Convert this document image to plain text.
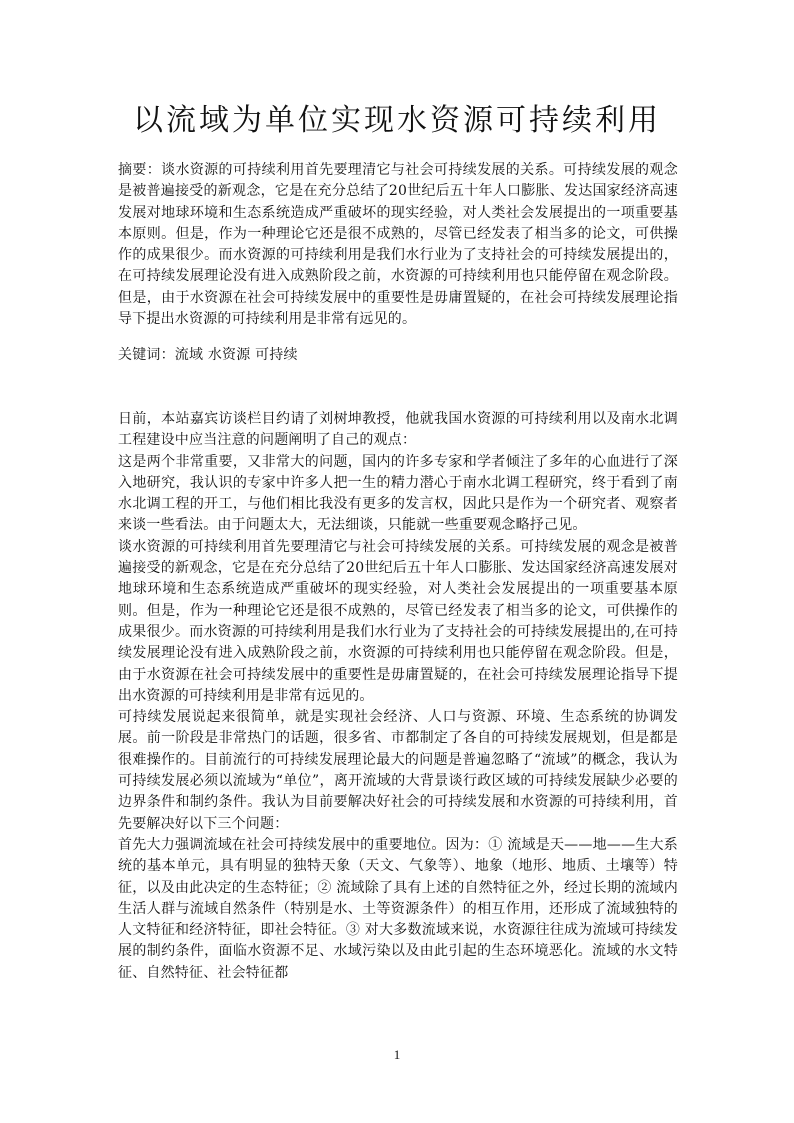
以流域为单位实现水资源可持续利用
摘要：谈水资源的可持续利用首先要理清它与社会可持续发展的关系。可持续发展的观念是被普遍接受的新观念，它是在充分总结了20世纪后五十年人口膨胀、发达国家经济高速发展对地球环境和生态系统造成严重破坏的现实经验，对人类社会发展提出的一项重要基本原则。但是，作为一种理论它还是很不成熟的，尽管已经发表了相当多的论文，可供操作的成果很少。而水资源的可持续利用是我们水行业为了支持社会的可持续发展提出的，在可持续发展理论没有进入成熟阶段之前，水资源的可持续利用也只能停留在观念阶段。但是，由于水资源在社会可持续发展中的重要性是毋庸置疑的，在社会可持续发展理论指导下提出水资源的可持续利用是非常有远见的。
关键词：流域 水资源 可持续

日前，本站嘉宾访谈栏目约请了刘树坤教授，他就我国水资源的可持续利用以及南水北调工程建设中应当注意的问题阐明了自己的观点：

这是两个非常重要，又非常大的问题，国内的许多专家和学者倾注了多年的心血进行了深入地研究，我认识的专家中许多人把一生的精力潜心于南水北调工程研究，终于看到了南水北调工程的开工，与他们相比我没有更多的发言权，因此只是作为一个研究者、观察者来谈一些看法。由于问题太大，无法细谈，只能就一些重要观念略抒己见。

谈水资源的可持续利用首先要理清它与社会可持续发展的关系。可持续发展的观念是被普遍接受的新观念，它是在充分总结了20世纪后五十年人口膨胀、发达国家经济高速发展对地球环境和生态系统造成严重破坏的现实经验，对人类社会发展提出的一项重要基本原则。但是，作为一种理论它还是很不成熟的，尽管已经发表了相当多的论文，可供操作的成果很少。而水资源的可持续利用是我们水行业为了支持社会的可持续发展提出的,在可持续发展理论没有进入成熟阶段之前，水资源的可持续利用也只能停留在观念阶段。但是，由于水资源在社会可持续发展中的重要性是毋庸置疑的，在社会可持续发展理论指导下提出水资源的可持续利用是非常有远见的。

可持续发展说起来很简单，就是实现社会经济、人口与资源、环境、生态系统的协调发展。前一阶段是非常热门的话题，很多省、市都制定了各自的可持续发展规划，但是都是很难操作的。目前流行的可持续发展理论最大的问题是普遍忽略了“流域”的概念，我认为可持续发展必须以流域为“单位”，离开流域的大背景谈行政区域的可持续发展缺少必要的边界条件和制约条件。我认为目前要解决好社会的可持续发展和水资源的可持续利用，首先要解决好以下三个问题：

首先大力强调流域在社会可持续发展中的重要地位。因为：① 流域是天——地——生大系统的基本单元，具有明显的独特天象（天文、气象等）、地象（地形、地质、土壤等）特征，以及由此决定的生态特征；② 流域除了具有上述的自然特征之外，经过长期的流域内生活人群与流域自然条件（特别是水、土等资源条件）的相互作用，还形成了流域独特的人文特征和经济特征，即社会特征。③ 对大多数流域来说，水资源往往成为流域可持续发展的制约条件，面临水资源不足、水域污染以及由此引起的生态环境恶化。流域的水文特征、自然特征、社会特征都

1
